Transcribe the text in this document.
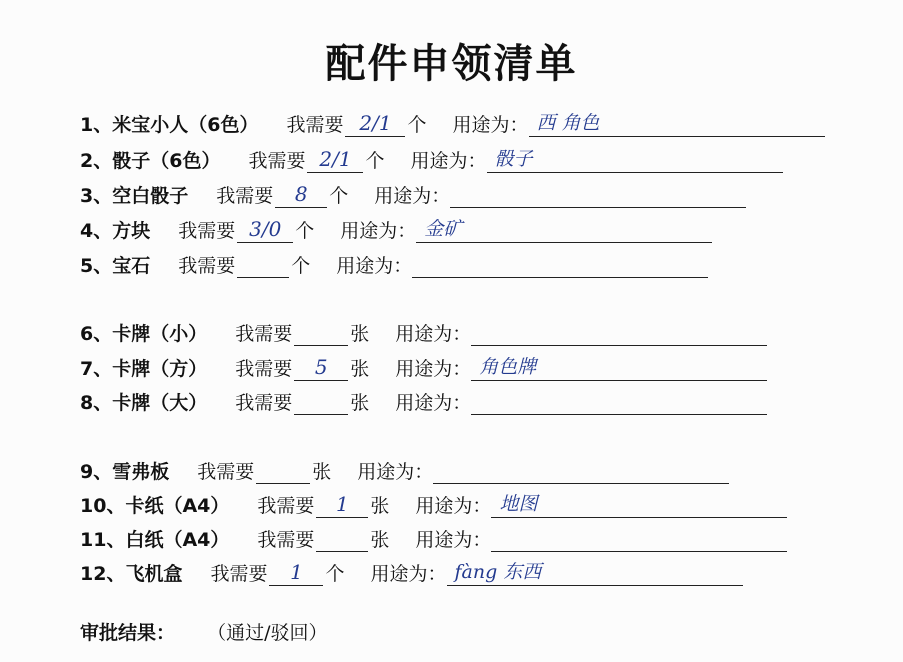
配件申领清单
1、 米宝小人（6色） 我需要 2/1 个 用途为： 西 角色
2、 骰子（6色） 我需要 2/1 个 用途为： 骰子
3、 空白骰子 我需要	8	个 用途为：
4、 方块 我需要 3/0 个 用途为： 金矿
5、 宝石 我需要	个 用途为：
6、 卡牌（小） 我需要	张 用途为：
7、 卡牌（方） 我需要	5	张 用途为： 角色牌
8、 卡牌（大） 我需要	张 用途为：
9、 雪弗板 我需要	张 用途为：
10、 卡纸（A4） 我需要	1	张 用途为： 地图
11、 白纸（A4） 我需要	张 用途为：
12、 飞机盒 我需要	1	个 用途为： fàng 东西
审批结果： （通过/驳回）
